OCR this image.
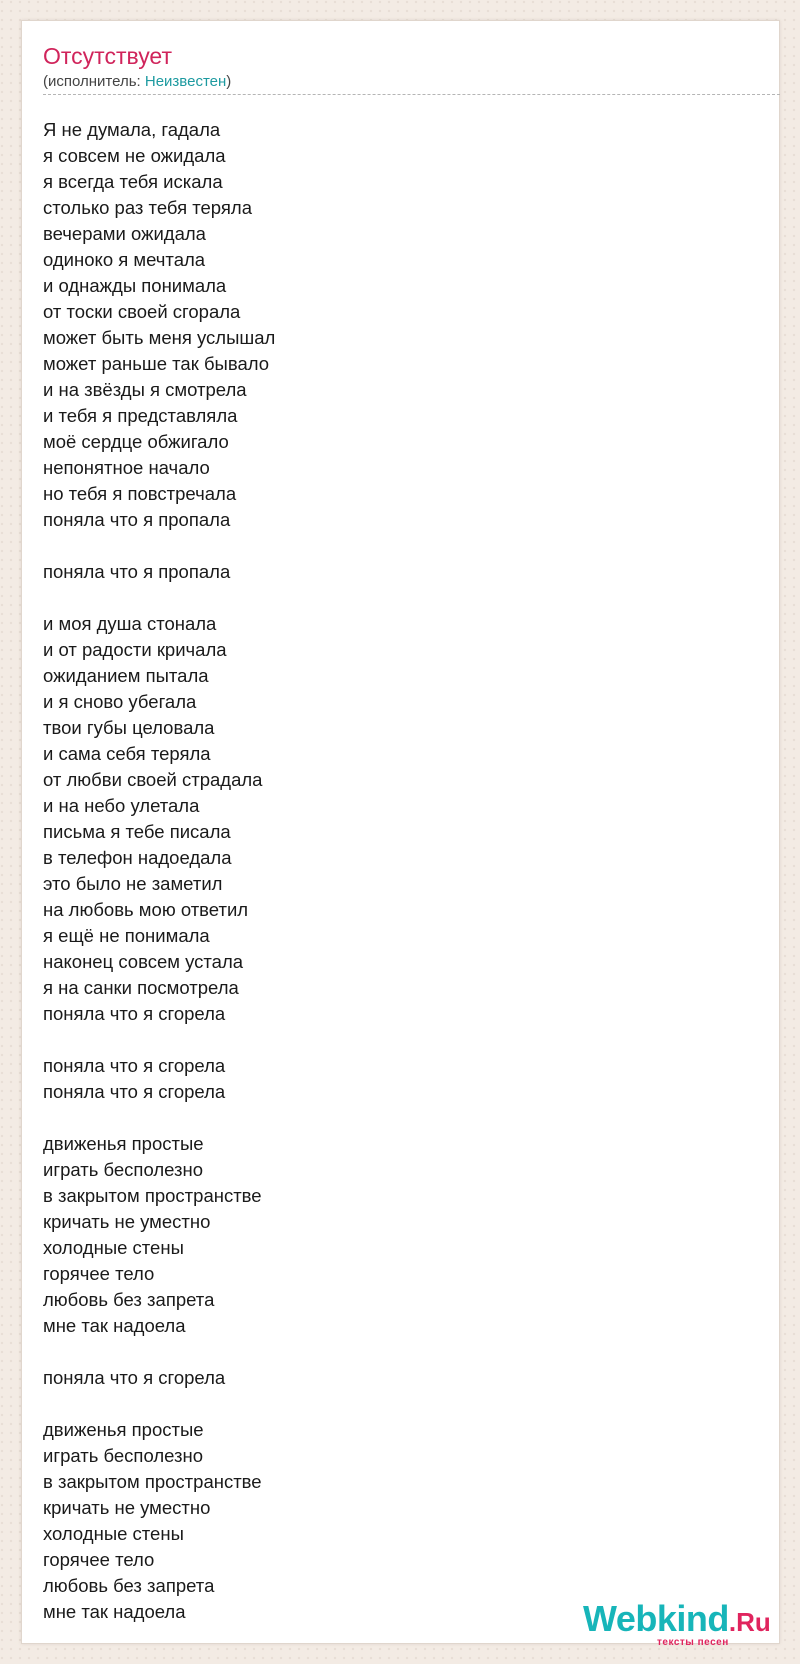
Отсутствует
(исполнитель: Неизвестен)
Я не думала, гадала
я совсем не ожидала
я всегда тебя искала
столько раз тебя теряла
вечерами ожидала
одиноко я мечтала
и однажды понимала
от тоски своей сгорала
может быть меня услышал
может раньше так бывало
и на звёзды я смотрела
и тебя я представляла
моё сердце обжигало
непонятное начало
но тебя я повстречала
поняла что я пропала
поняла что я пропала
и моя душа стонала
и от радости кричала
ожиданием пытала
и я сново убегала
твои губы целовала
и сама себя теряла
от любви своей страдала
и на небо улетала
письма я тебе писала
в телефон надоедала
это было не заметил
на любовь мою ответил
я ещё не понимала
наконец совсем устала
я на санки посмотрела
поняла что я сгорела
поняла что я сгорела
поняла что я сгорела
движенья простые
играть бесполезно
в закрытом пространстве
кричать не уместно
холодные стены
горячее тело
любовь без запрета
мне так надоела
поняла что я сгорела
движенья простые
играть бесполезно
в закрытом пространстве
кричать не уместно
холодные стены
горячее тело
любовь без запрета
мне так надоела	Webkind.Ru
тексты песен
